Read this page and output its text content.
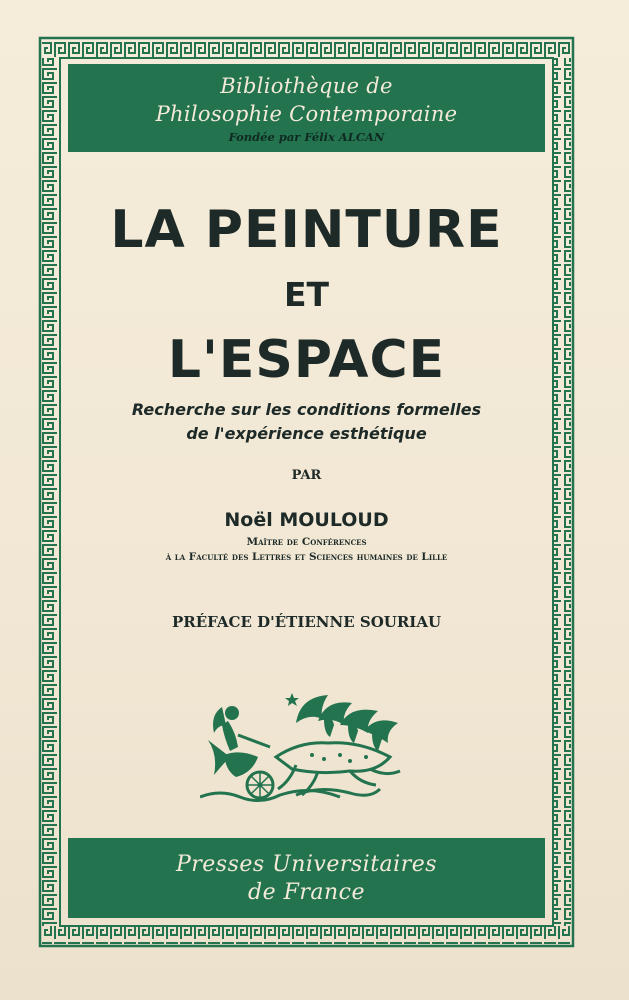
Bibliothèque de
Philosophie Contemporaine
Fondée par Félix ALCAN
LA PEINTURE
ET
L'ESPACE
Recherche sur les conditions formelles
de l'expérience esthétique
PAR
Noël MOULOUD
Maître de Conférences
à la Faculté des Lettres et Sciences humaines de Lille
PRÉFACE D'ÉTIENNE SOURIAU
Presses Universitaires
de France
